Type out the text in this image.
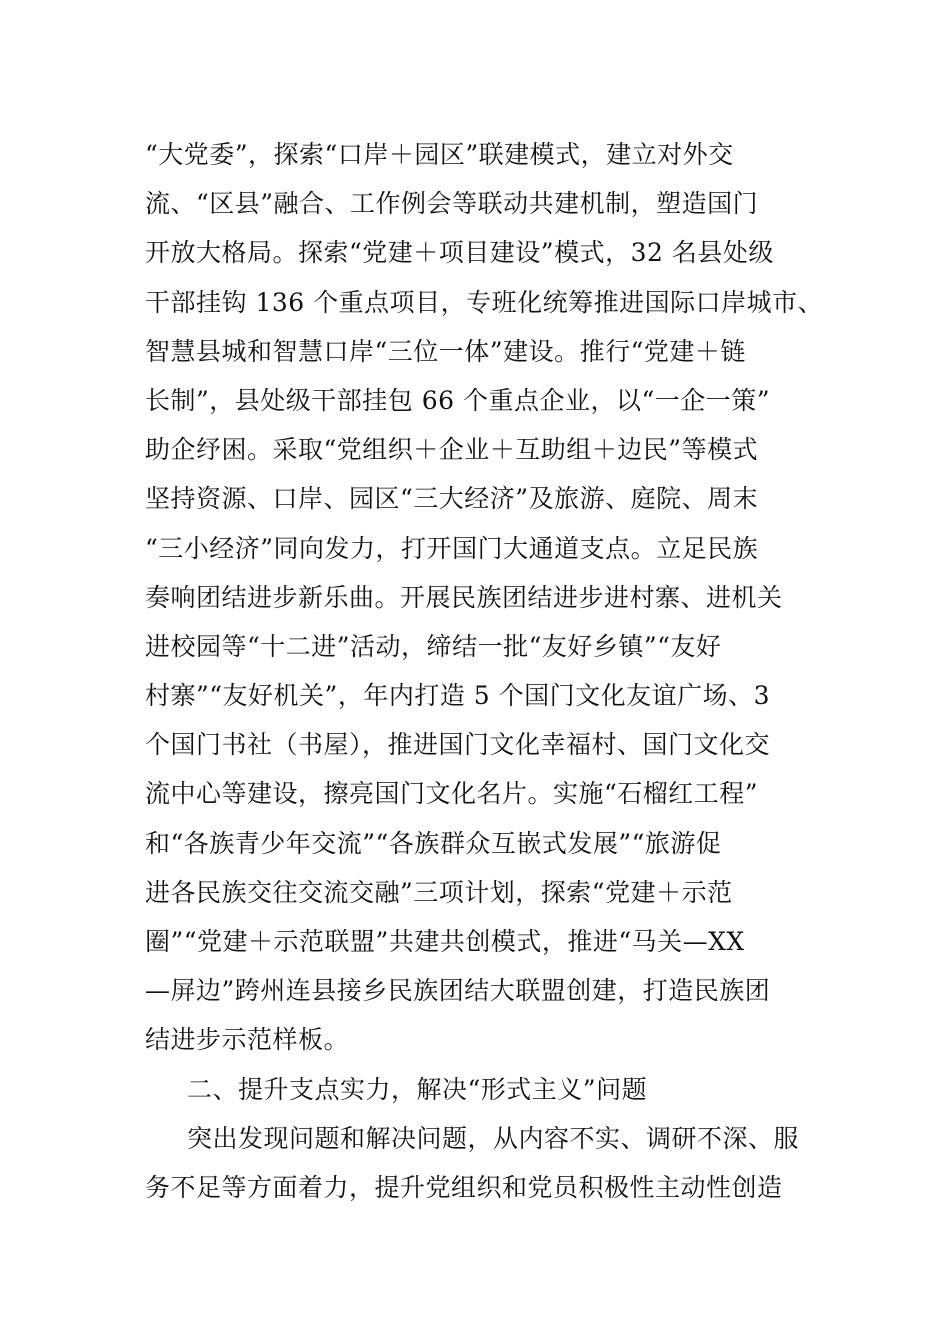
“大党委”，探索“口岸＋园区”联建模式，建立对外交
流、“区县”融合、工作例会等联动共建机制，塑造国门
开放大格局。探索“党建＋项目建设”模式，32 名县处级
干部挂钩 136 个重点项目，专班化统筹推进国际口岸城市、
智慧县城和智慧口岸“三位一体”建设。推行“党建＋链
长制”，县处级干部挂包 66 个重点企业，以“一企一策”
助企纾困。采取“党组织＋企业＋互助组＋边民”等模式
坚持资源、口岸、园区“三大经济”及旅游、庭院、周末
“三小经济”同向发力，打开国门大通道支点。立足民族
奏响团结进步新乐曲。开展民族团结进步进村寨、进机关
进校园等“十二进”活动，缔结一批“友好乡镇”“友好
村寨”“友好机关”，年内打造 5 个国门文化友谊广场、3
个国门书社（书屋），推进国门文化幸福村、国门文化交
流中心等建设，擦亮国门文化名片。实施“石榴红工程”
和“各族青少年交流”“各族群众互嵌式发展”“旅游促
进各民族交往交流交融”三项计划，探索“党建＋示范
圈”“党建＋示范联盟”共建共创模式，推进“马关—XX
—屏边”跨州连县接乡民族团结大联盟创建，打造民族团
结进步示范样板。
二、提升支点实力，解决“形式主义”问题
突出发现问题和解决问题，从内容不实、调研不深、服
务不足等方面着力，提升党组织和党员积极性主动性创造
